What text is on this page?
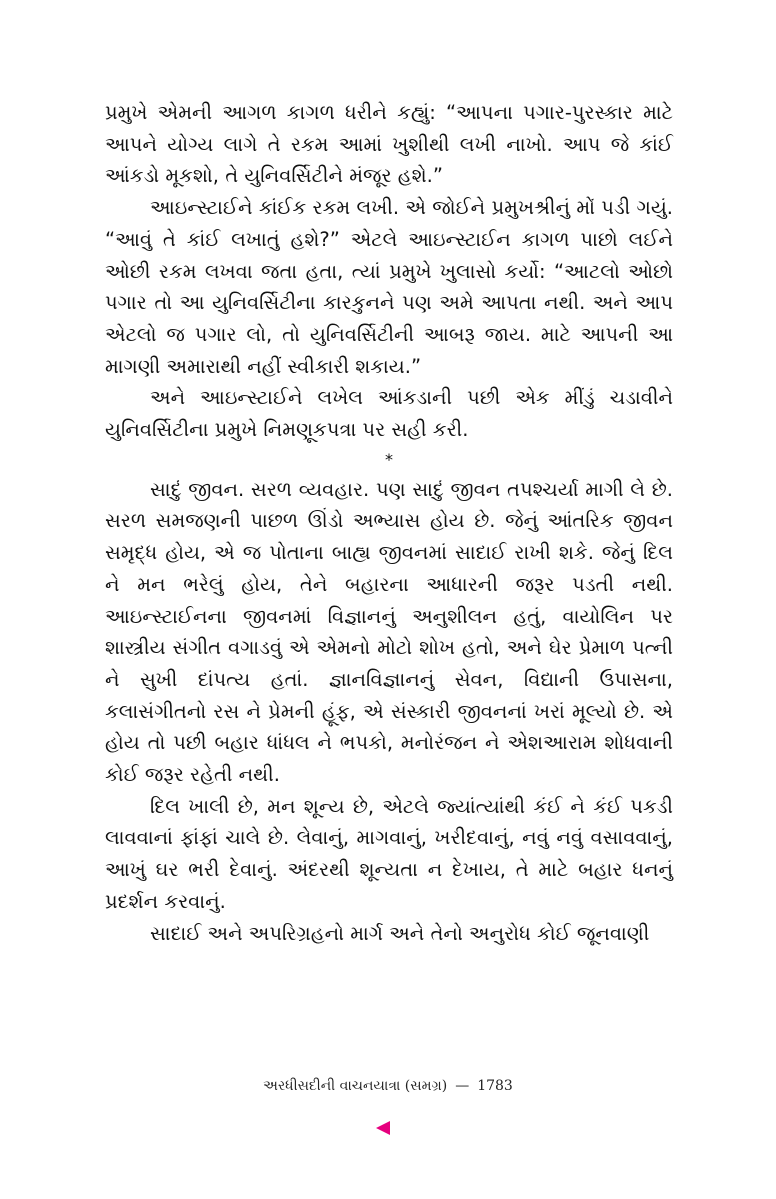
પ્રમુખે એમની આગળ કાગળ ધરીને કહ્યું: “આપના પગાર-પુરસ્કાર માટે આપને યોગ્ય લાગે તે રકમ આમાં ખુશીથી લખી નાખો. આપ જે કાંઈ આંકડો મૂકશો, તે યુનિવર્સિટીને મંજૂર હશે.”

આઇન્સ્ટાઈને કાંઈક રકમ લખી. એ જોઈને પ્રમુખશ્રીનું મોં પડી ગયું. “આવું તે કાંઈ લખાતું હશે?” એટલે આઇન્સ્ટાઈન કાગળ પાછો લઈને ઓછી રકમ લખવા જતા હતા, ત્યાં પ્રમુખે ખુલાસો કર્યો: “આટલો ઓછો પગાર તો આ યુનિવર્સિટીના કારકુનને પણ અમે આપતા નથી. અને આપ એટલો જ પગાર લો, તો યુનિવર્સિટીની આબરૂ જાય. માટે આપની આ માગણી અમારાથી નહીં સ્વીકારી શકાય.”

અને આઇન્સ્ટાઈને લખેલ આંકડાની પછી એક મીંડું ચડાવીને યુનિવર્સિટીના પ્રમુખે નિમણૂકપત્રા પર સહી કરી.

*

સાદું જીવન. સરળ વ્યવહાર. પણ સાદું જીવન તપશ્ચર્યા માગી લે છે. સરળ સમજણની પાછળ ઊંડો અભ્યાસ હોય છે. જેનું આંતરિક જીવન સમૃદ્ધ હોય, એ જ પોતાના બાહ્ય જીવનમાં સાદાઈ રાખી શકે. જેનું દિલ ને મન ભરેલું હોય, તેને બહારના આધારની જરૂર પડતી નથી. આઇન્સ્ટાઈનના જીવનમાં વિજ્ઞાનનું અનુશીલન હતું, વાયોલિન પર શાસ્ત્રીય સંગીત વગાડવું એ એમનો મોટો શોખ હતો, અને ઘેર પ્રેમાળ પત્ની ને સુખી દાંપત્ય હતાં. જ્ઞાનવિજ્ઞાનનું સેવન, વિદ્યાની ઉપાસના, કલાસંગીતનો રસ ને પ્રેમની હૂંફ, એ સંસ્કારી જીવનનાં ખરાં મૂલ્યો છે. એ હોય તો પછી બહાર ધાંધલ ને ભપકો, મનોરંજન ને એશઆરામ શોધવાની કોઈ જરૂર રહેતી નથી.

દિલ ખાલી છે, મન શૂન્ય છે, એટલે જ્યાંત્યાંથી કંઈ ને કંઈ પકડી લાવવાનાં ફાંફાં ચાલે છે. લેવાનું, માગવાનું, ખરીદવાનું, નવું નવું વસાવવાનું, આખું ઘર ભરી દેવાનું. અંદરથી શૂન્યતા ન દેખાય, તે માટે બહાર ધનનું પ્રદર્શન કરવાનું.

સાદાઈ અને અપરિગ્રહનો માર્ગ અને તેનો અનુરોધ કોઈ જૂનવાણી

અરધીસદીની વાચનયાત્રા (સમગ્ર) — 1783
